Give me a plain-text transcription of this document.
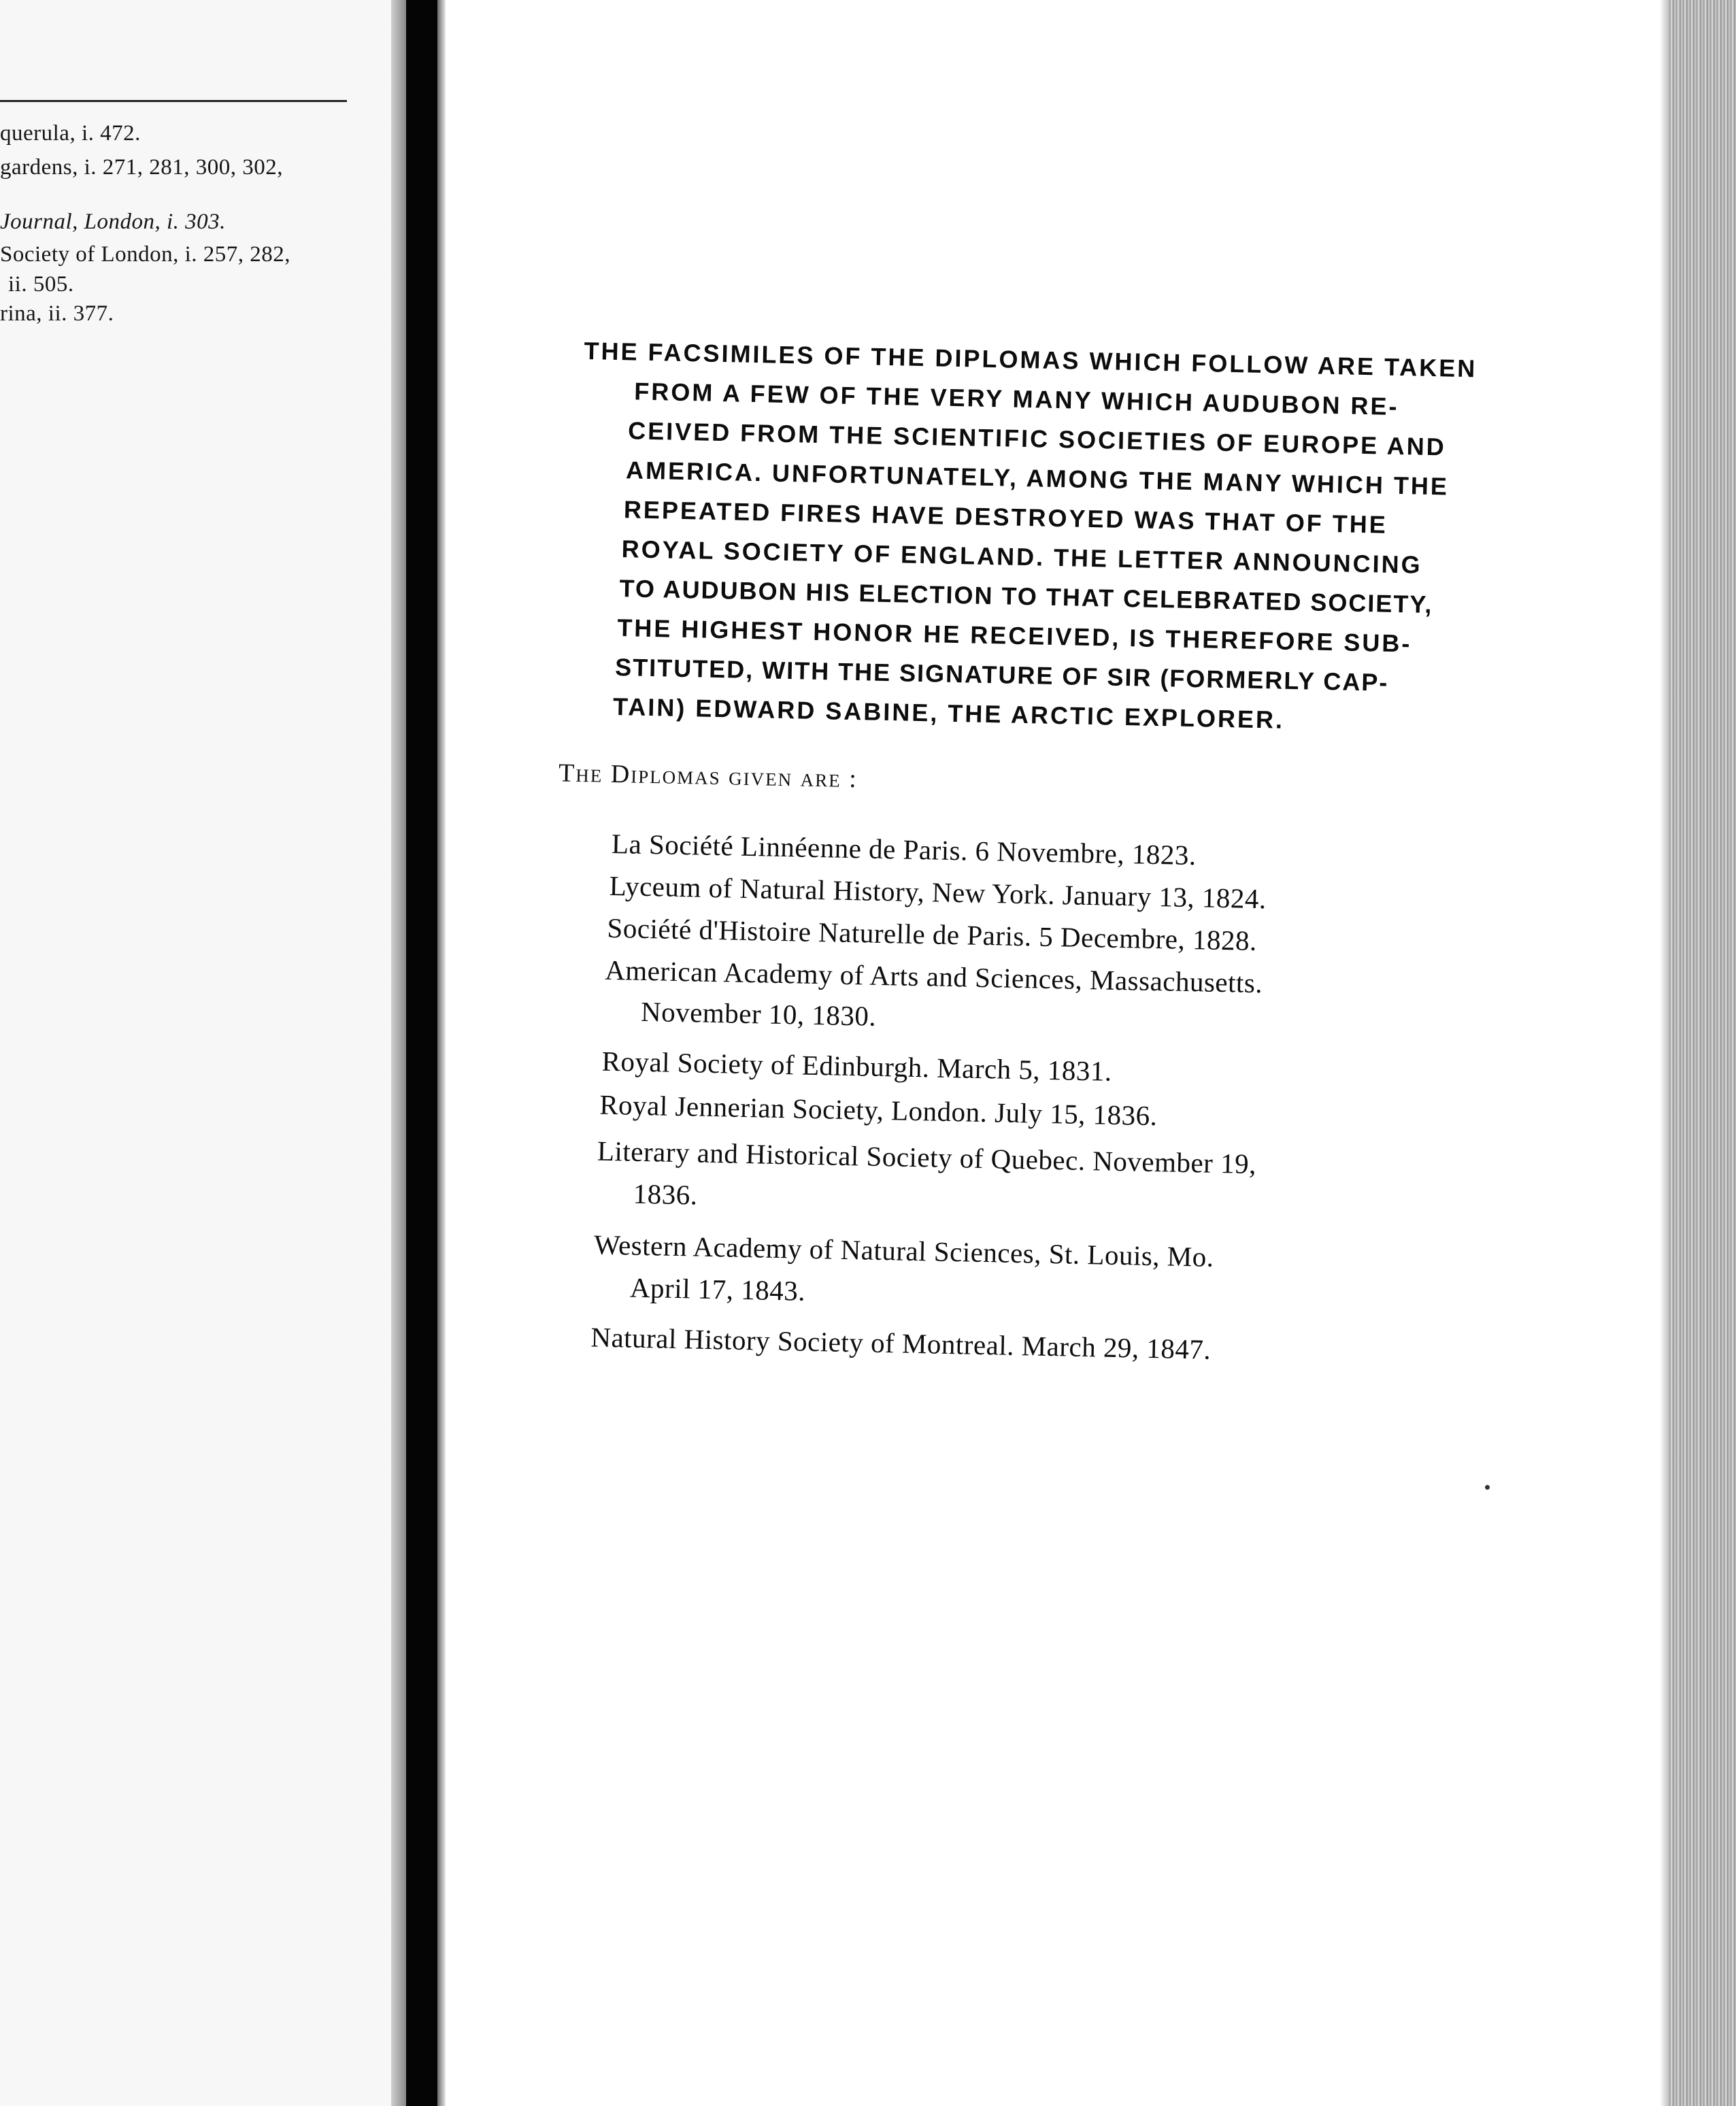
querula, i. 472.
gardens, i. 271, 281, 300, 302,
Journal, London, i. 303.
Society of London, i. 257, 282,
ii. 505.
rina, ii. 377.
THE FACSIMILES OF THE DIPLOMAS WHICH FOLLOW ARE TAKEN
FROM A FEW OF THE VERY MANY WHICH AUDUBON RE-
CEIVED FROM THE SCIENTIFIC SOCIETIES OF EUROPE AND
AMERICA. UNFORTUNATELY, AMONG THE MANY WHICH THE
REPEATED FIRES HAVE DESTROYED WAS THAT OF THE
ROYAL SOCIETY OF ENGLAND. THE LETTER ANNOUNCING
TO AUDUBON HIS ELECTION TO THAT CELEBRATED SOCIETY,
THE HIGHEST HONOR HE RECEIVED, IS THEREFORE SUB-
STITUTED, WITH THE SIGNATURE OF SIR (FORMERLY CAP-
TAIN) EDWARD SABINE, THE ARCTIC EXPLORER.
The Diplomas given are :
La Société Linnéenne de Paris. 6 Novembre, 1823.
Lyceum of Natural History, New York. January 13, 1824.
Société d'Histoire Naturelle de Paris. 5 Decembre, 1828.
American Academy of Arts and Sciences, Massachusetts.
November 10, 1830.
Royal Society of Edinburgh. March 5, 1831.
Royal Jennerian Society, London. July 15, 1836.
Literary and Historical Society of Quebec. November 19,
1836.
Western Academy of Natural Sciences, St. Louis, Mo.
April 17, 1843.
Natural History Society of Montreal. March 29, 1847.
